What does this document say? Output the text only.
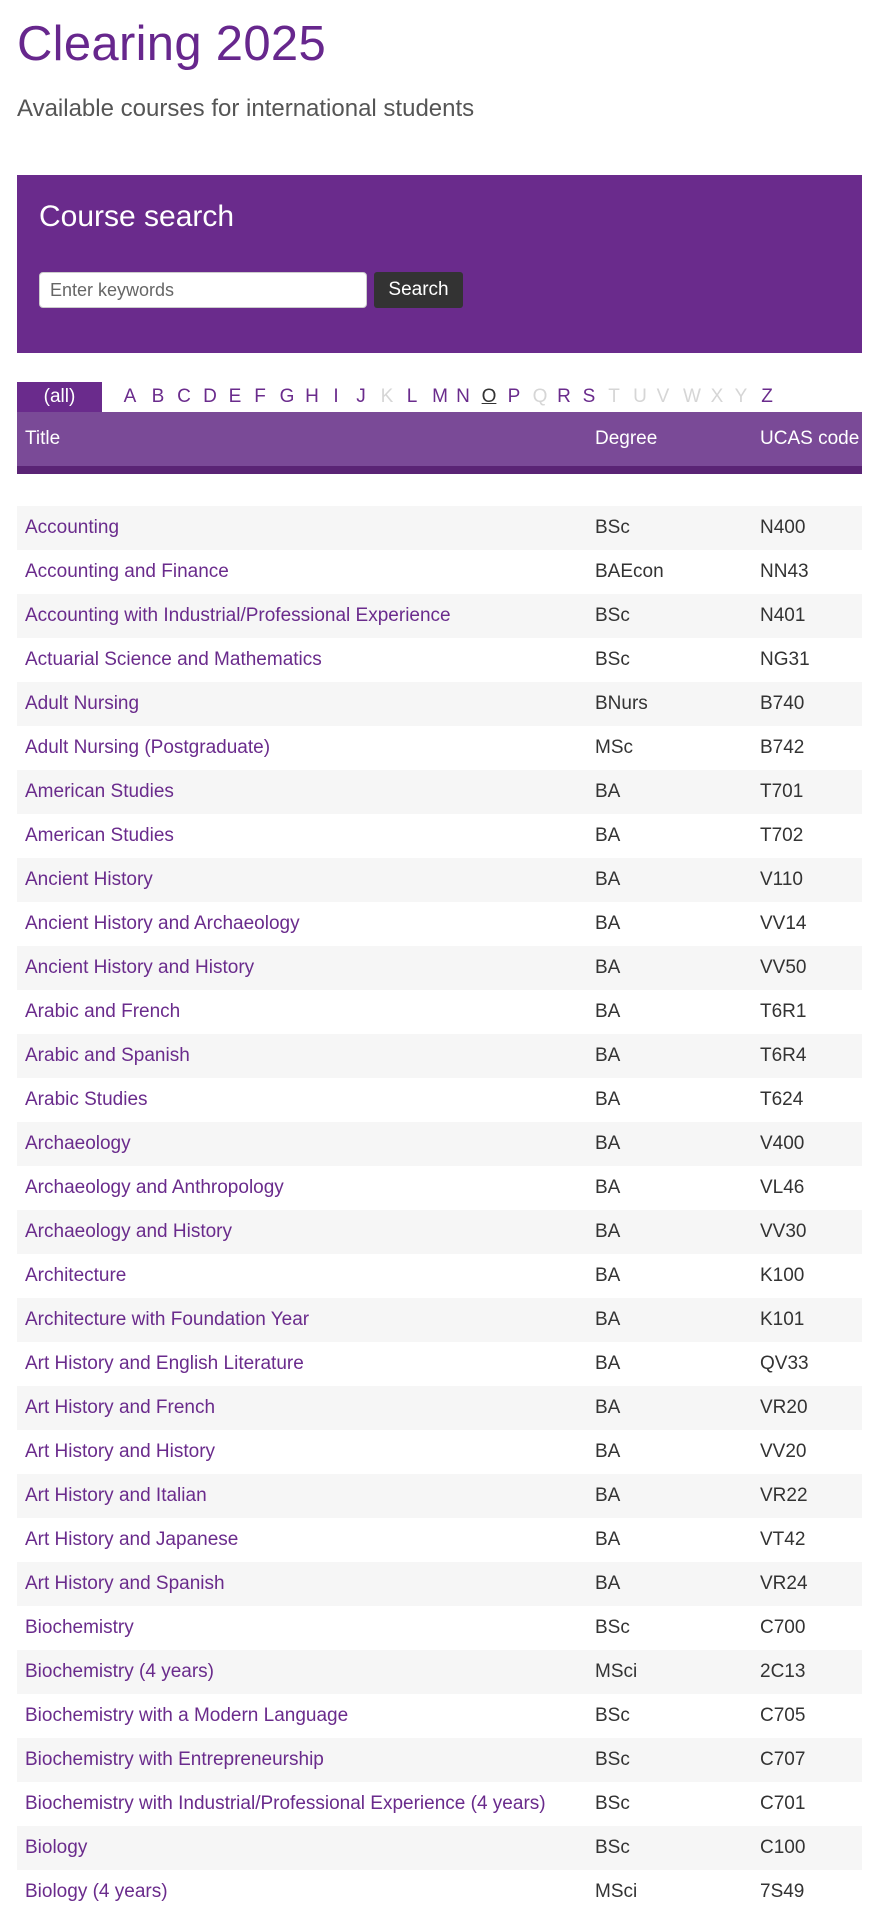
Clearing 2025

Available courses for international students

Course search
Enter keywords
Search
(all)	A B C D E F G H I J K L M N O P Q R S T U V W X Y Z
Title	Degree	UCAS code
Accounting	BSc	N400
Accounting and Finance	BAEcon	NN43
Accounting with Industrial/Professional Experience	BSc	N401
Actuarial Science and Mathematics	BSc	NG31
Adult Nursing	BNurs	B740
Adult Nursing (Postgraduate)	MSc	B742
American Studies	BA	T701
American Studies	BA	T702
Ancient History	BA	V110
Ancient History and Archaeology	BA	VV14
Ancient History and History	BA	VV50
Arabic and French	BA	T6R1
Arabic and Spanish	BA	T6R4
Arabic Studies	BA	T624
Archaeology	BA	V400
Archaeology and Anthropology	BA	VL46
Archaeology and History	BA	VV30
Architecture	BA	K100
Architecture with Foundation Year	BA	K101
Art History and English Literature	BA	QV33
Art History and French	BA	VR20
Art History and History	BA	VV20
Art History and Italian	BA	VR22
Art History and Japanese	BA	VT42
Art History and Spanish	BA	VR24
Biochemistry	BSc	C700
Biochemistry (4 years)	MSci	2C13
Biochemistry with a Modern Language	BSc	C705
Biochemistry with Entrepreneurship	BSc	C707
Biochemistry with Industrial/Professional Experience (4 years)	BSc	C701
Biology	BSc	C100
Biology (4 years)	MSci	7S49
